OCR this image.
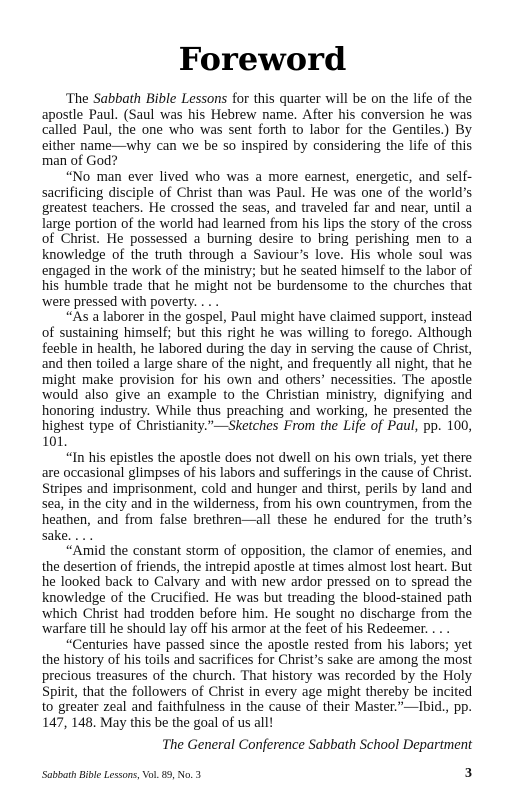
Foreword

The Sabbath Bible Lessons for this quarter will be on the life of the apostle Paul. (Saul was his Hebrew name. After his conversion he was called Paul, the one who was sent forth to labor for the Gentiles.) By either name—why can we be so inspired by considering the life of this man of God?

“No man ever lived who was a more earnest, energetic, and self-sacrificing disciple of Christ than was Paul. He was one of the world’s greatest teachers. He crossed the seas, and traveled far and near, until a large portion of the world had learned from his lips the story of the cross of Christ. He possessed a burning desire to bring perishing men to a knowledge of the truth through a Saviour’s love. His whole soul was engaged in the work of the ministry; but he seated himself to the labor of his humble trade that he might not be burdensome to the churches that were pressed with poverty. . . .

“As a laborer in the gospel, Paul might have claimed support, instead of sustaining himself; but this right he was willing to forego. Although feeble in health, he labored during the day in serving the cause of Christ, and then toiled a large share of the night, and frequently all night, that he might make provision for his own and others’ necessities. The apostle would also give an example to the Christian ministry, dignifying and honoring industry. While thus preaching and working, he presented the highest type of Christianity.”—Sketches From the Life of Paul, pp. 100, 101.

“In his epistles the apostle does not dwell on his own trials, yet there are occasional glimpses of his labors and sufferings in the cause of Christ. Stripes and imprisonment, cold and hunger and thirst, perils by land and sea, in the city and in the wilderness, from his own countrymen, from the heathen, and from false brethren—all these he endured for the truth’s sake. . . .

“Amid the constant storm of opposition, the clamor of enemies, and the desertion of friends, the intrepid apostle at times almost lost heart. But he looked back to Calvary and with new ardor pressed on to spread the knowledge of the Crucified. He was but treading the blood-stained path which Christ had trodden before him. He sought no discharge from the warfare till he should lay off his armor at the feet of his Redeemer. . . .

“Centuries have passed since the apostle rested from his labors; yet the history of his toils and sacrifices for Christ’s sake are among the most precious treasures of the church. That history was recorded by the Holy Spirit, that the followers of Christ in every age might thereby be incited to greater zeal and faithfulness in the cause of their Master.”—Ibid., pp. 147, 148. May this be the goal of us all!

The General Conference Sabbath School Department
Sabbath Bible Lessons, Vol. 89, No. 3	3
